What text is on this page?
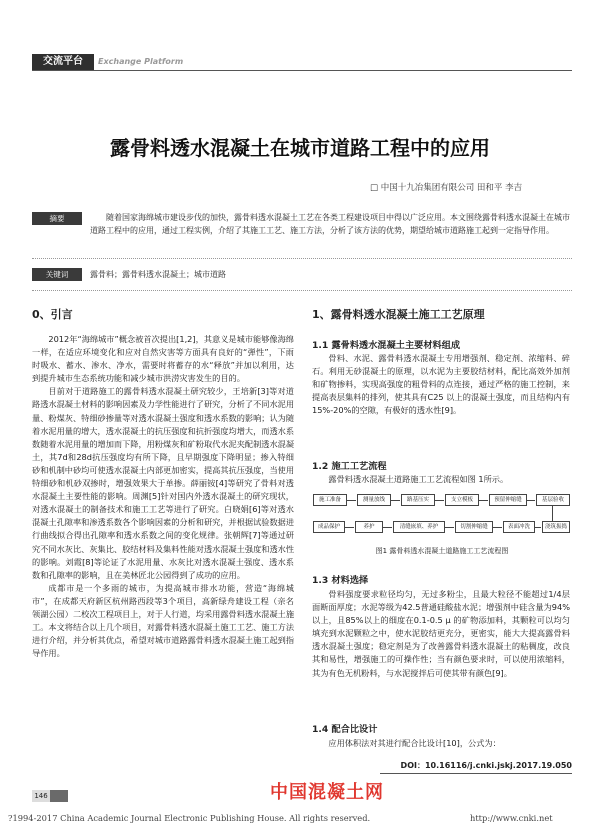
交流平台	Exchange Platform
露骨料透水混凝土在城市道路工程中的应用
□ 中国十九冶集团有限公司 田和平 李吉
摘要	随着国家海绵城市建设步伐的加快，露骨料透水混凝土工艺在各类工程建设项目中得以广泛应用。本文围绕露骨料透水混凝土在城市道路工程中的应用，通过工程实例，介绍了其施工工艺、施工方法，分析了该方法的优势，期望给城市道路施工起到一定指导作用。
关键词	露骨料；露骨料透水混凝土；城市道路
0、引言

2012年“海绵城市”概念被首次提出[1,2]，其意义是城市能够像海绵一样，在适应环境变化和应对自然灾害等方面具有良好的“弹性”，下雨时吸水、蓄水、渗水、净水，需要时将蓄存的水“释放”并加以利用，达到提升城市生态系统功能和减少城市洪涝灾害发生的目的。

目前对于道路施工的露骨料透水混凝土研究较少，王培新[3]等对道路透水混凝土材料的影响因素及力学性能进行了研究，分析了不同水泥用量、粉煤灰、特细砂掺量等对透水混凝土强度和透水系数的影响；认为随着水泥用量的增大，透水混凝土的抗压强度和抗折强度均增大，而透水系数随着水泥用量的增加而下降，用粉煤灰和矿粉取代水泥夹配制透水混凝土，其7d和28d抗压强度均有所下降，且早期强度下降明显；掺入特细砂和机制中砂均可使透水混凝土内部更加密实，提高其抗压强度，当使用特细砂和机砂双掺时，增强效果大于单掺。薛丽铵[4]等研究了骨料对透水混凝土主要性能的影响。周渊[5]针对国内外透水混凝土的研究现状，对透水混凝土的制备技术和施工工艺等进行了研究。白晓娟[6]等对透水混凝土孔隙率和渗透系数各个影响因素的分析和研究，并根据试验数据进行曲线拟合得出孔隙率和透水系数之间的变化规律。张朝辉[7]等通过研究不同水灰比、灰集比、胶结材料及集料性能对透水混凝土强度和透水性的影响。刘霞[8]等论证了水泥用量、水灰比对透水混凝土强度、透水系数和孔隙率的影响，且在美林匠北公园得到了成功的应用。

成都市是一个多雨的城市，为提高城市排水功能，营造“海绵城市”，在成都天府新区杭州路西段等3个项目，高新绿舟建设工程（亲名领湖公园）二校次工程项目上，对于人行道，均采用露骨料透水混凝土施工。本文将结合以上几个项目，对露骨料透水混凝土施工工艺、施工方法进行介绍，并分析其优点，希望对城市道路露骨料透水混凝土施工起到指导作用。

1、露骨料透水混凝土施工工艺原理
1.1 露骨料透水混凝土主要材料组成

骨料、水泥、露骨料透水混凝土专用增强剂、稳定剂、浓缩料、碎石。利用无砂混凝土的原理，以水泥为主要胶结材料，配比高效外加剂和矿物掺料，实现高强度的粗骨料的点连接，通过严格的施工控制，来提高表层集料的排列，使其具有C25 以上的混凝土强度，而且结构内有15%-20%的空隙，有极好的透水性[9]。

1.2 施工工艺流程

露骨料透水混凝土道路施工工艺流程如图 1所示。

施工准备	测量放线	路基压实	支立模板	预留伸缩缝	基层验收
成品保护	养护	清缝嵌填、养护	切割伸缩缝	表面冲洗	浇筑振捣
图1 露骨料透水混凝土道路施工工艺流程图
1.3 材料选择

骨料强度要求粒径均匀，无过多粉尘，且最大粒径不能超过1/4层面断面厚度；水泥等级为42.5普通硅酸盐水泥；增强剂中硅含量为94%以上，且85%以上的细度在0.1-0.5 μ 的矿物添加料，其颗粒可以均匀填充到水泥颗粒之中，使水泥胶结更充分，更密实，能大大提高露骨料透水混凝土强度；稳定剂是为了改善露骨料透水混凝土的粘稠度，改良其和易性，增强施工的可操作性；当有颜色要求时，可以使用浓缩料，其为有色无机粉料，与水泥搅拌后可使其带有颜色[9]。

1.4 配合比设计

应用体积法对其进行配合比设计[10]，公式为：

DOI：10.16116/j.cnki.jskj.2017.19.050
146	中国混凝土网
?1994-2017 China Academic Journal Electronic Publishing House. All rights reserved.	http://www.cnki.net
